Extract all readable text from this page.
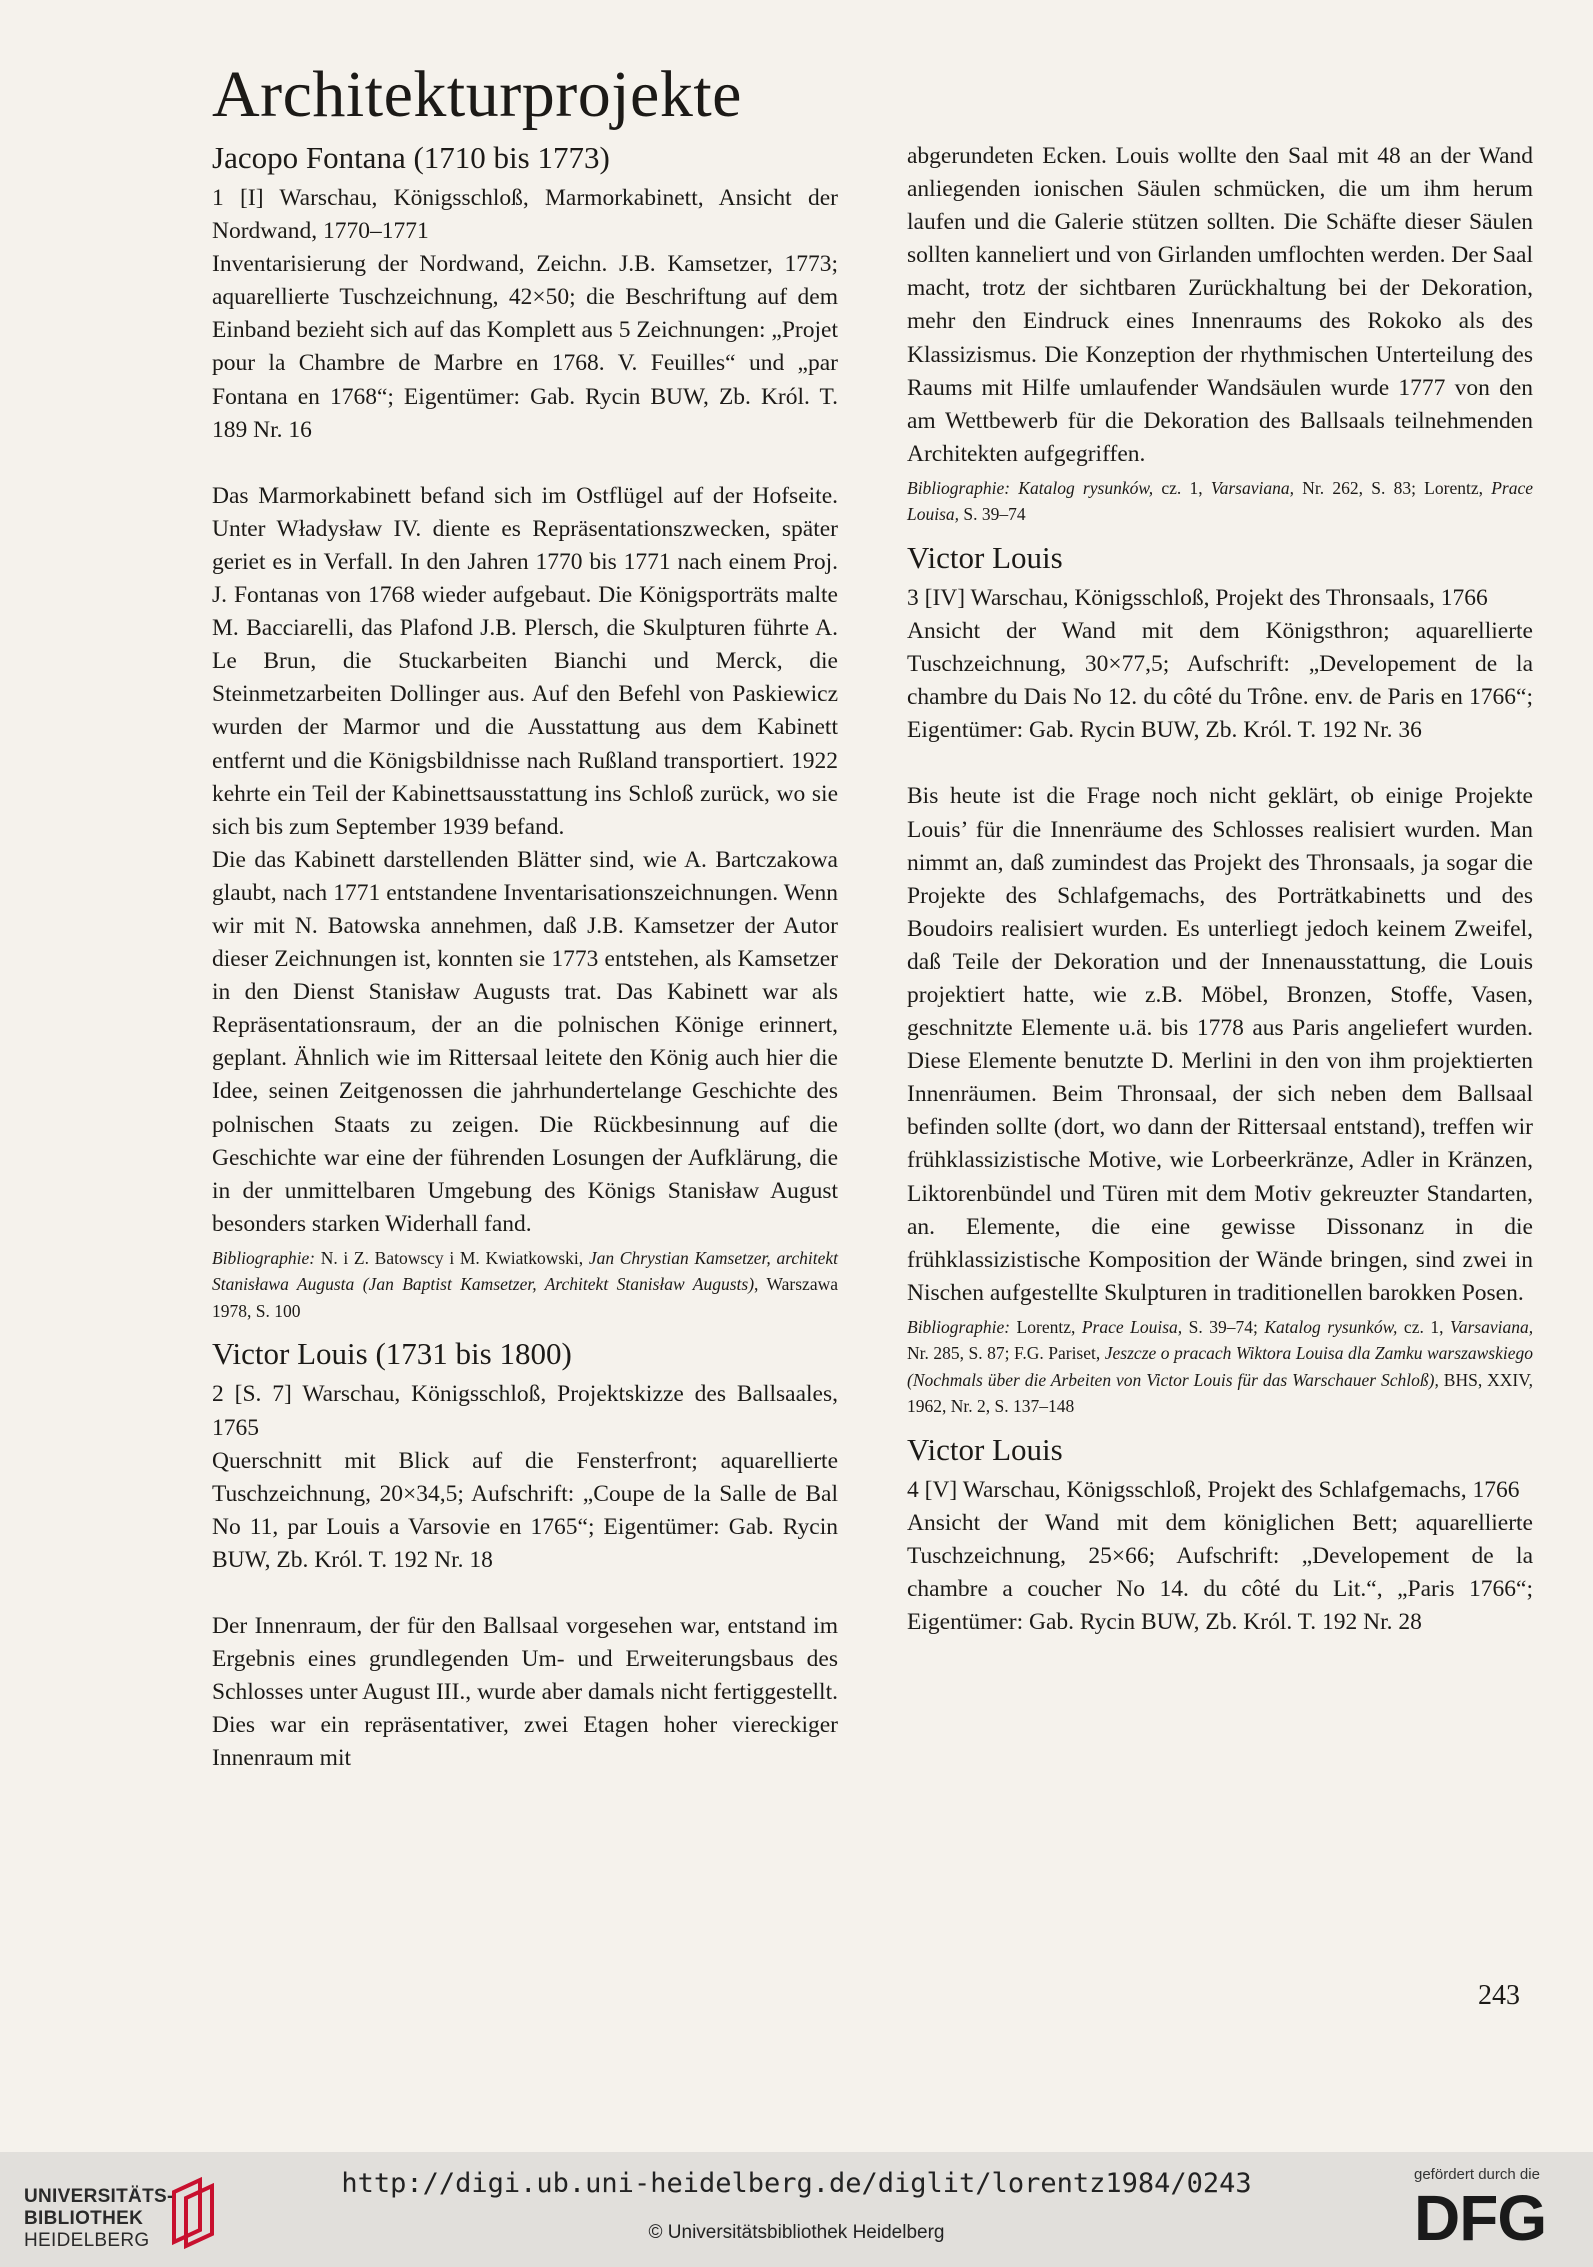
Architekturprojekte
Jacopo Fontana (1710 bis 1773)

1 [I] Warschau, Königsschloß, Marmorkabinett, Ansicht der Nordwand, 1770–1771

Inventarisierung der Nordwand, Zeichn. J.B. Kamsetzer, 1773; aquarellierte Tuschzeichnung, 42×50; die Beschriftung auf dem Einband bezieht sich auf das Komplett aus 5 Zeichnungen: „Projet pour la Chambre de Marbre en 1768. V. Feuilles“ und „par Fontana en 1768“; Eigentümer: Gab. Rycin BUW, Zb. Król. T. 189 Nr. 16

Das Marmorkabinett befand sich im Ostflügel auf der Hofseite. Unter Władysław IV. diente es Repräsentationszwecken, später geriet es in Verfall. In den Jahren 1770 bis 1771 nach einem Proj. J. Fontanas von 1768 wieder aufgebaut. Die Königsporträts malte M. Bacciarelli, das Plafond J.B. Plersch, die Skulpturen führte A. Le Brun, die Stuckarbeiten Bianchi und Merck, die Steinmetzarbeiten Dollinger aus. Auf den Befehl von Paskiewicz wurden der Marmor und die Ausstattung aus dem Kabinett entfernt und die Königsbildnisse nach Rußland transportiert. 1922 kehrte ein Teil der Kabinettsausstattung ins Schloß zurück, wo sie sich bis zum September 1939 befand.

Die das Kabinett darstellenden Blätter sind, wie A. Bartczakowa glaubt, nach 1771 entstandene Inventarisationszeichnungen. Wenn wir mit N. Batowska annehmen, daß J.B. Kamsetzer der Autor dieser Zeichnungen ist, konnten sie 1773 entstehen, als Kamsetzer in den Dienst Stanisław Augusts trat. Das Kabinett war als Repräsentationsraum, der an die polnischen Könige erinnert, geplant. Ähnlich wie im Rittersaal leitete den König auch hier die Idee, seinen Zeitgenossen die jahrhundertelange Geschichte des polnischen Staats zu zeigen. Die Rückbesinnung auf die Geschichte war eine der führenden Losungen der Aufklärung, die in der unmittelbaren Umgebung des Königs Stanisław August besonders starken Widerhall fand.

Bibliographie: N. i Z. Batowscy i M. Kwiatkowski, Jan Chrystian Kamsetzer, architekt Stanisława Augusta (Jan Baptist Kamsetzer, Architekt Stanisław Augusts), Warszawa 1978, S. 100

Victor Louis (1731 bis 1800)

2 [S. 7] Warschau, Königsschloß, Projektskizze des Ballsaales, 1765

Querschnitt mit Blick auf die Fensterfront; aquarellierte Tuschzeichnung, 20×34,5; Aufschrift: „Coupe de la Salle de Bal No 11, par Louis a Varsovie en 1765“; Eigentümer: Gab. Rycin BUW, Zb. Król. T. 192 Nr. 18

Der Innenraum, der für den Ballsaal vorgesehen war, entstand im Ergebnis eines grundlegenden Um- und Erweiterungsbaus des Schlosses unter August III., wurde aber damals nicht fertiggestellt. Dies war ein repräsentativer, zwei Etagen hoher viereckiger Innenraum mit

abgerundeten Ecken. Louis wollte den Saal mit 48 an der Wand anliegenden ionischen Säulen schmücken, die um ihm herum laufen und die Galerie stützen sollten. Die Schäfte dieser Säulen sollten kanneliert und von Girlanden umflochten werden. Der Saal macht, trotz der sichtbaren Zurückhaltung bei der Dekoration, mehr den Eindruck eines Innenraums des Rokoko als des Klassizismus. Die Konzeption der rhythmischen Unterteilung des Raums mit Hilfe umlaufender Wandsäulen wurde 1777 von den am Wettbewerb für die Dekoration des Ballsaals teilnehmenden Architekten aufgegriffen.

Bibliographie: Katalog rysunków, cz. 1, Varsaviana, Nr. 262, S. 83; Lorentz, Prace Louisa, S. 39–74

Victor Louis

3 [IV] Warschau, Königsschloß, Projekt des Thronsaals, 1766

Ansicht der Wand mit dem Königsthron; aquarellierte Tuschzeichnung, 30×77,5; Aufschrift: „Developement de la chambre du Dais No 12. du côté du Trône. env. de Paris en 1766“; Eigentümer: Gab. Rycin BUW, Zb. Król. T. 192 Nr. 36

Bis heute ist die Frage noch nicht geklärt, ob einige Projekte Louis’ für die Innenräume des Schlosses realisiert wurden. Man nimmt an, daß zumindest das Projekt des Thronsaals, ja sogar die Projekte des Schlafgemachs, des Porträtkabinetts und des Boudoirs realisiert wurden. Es unterliegt jedoch keinem Zweifel, daß Teile der Dekoration und der Innenausstattung, die Louis projektiert hatte, wie z.B. Möbel, Bronzen, Stoffe, Vasen, geschnitzte Elemente u.ä. bis 1778 aus Paris angeliefert wurden. Diese Elemente benutzte D. Merlini in den von ihm projektierten Innenräumen. Beim Thronsaal, der sich neben dem Ballsaal befinden sollte (dort, wo dann der Rittersaal entstand), treffen wir frühklassizistische Motive, wie Lorbeerkränze, Adler in Kränzen, Liktorenbündel und Türen mit dem Motiv gekreuzter Standarten, an. Elemente, die eine gewisse Dissonanz in die frühklassizistische Komposition der Wände bringen, sind zwei in Nischen aufgestellte Skulpturen in traditionellen barokken Posen.

Bibliographie: Lorentz, Prace Louisa, S. 39–74; Katalog rysunków, cz. 1, Varsaviana, Nr. 285, S. 87; F.G. Pariset, Jeszcze o pracach Wiktora Louisa dla Zamku warszawskiego (Nochmals über die Arbeiten von Victor Louis für das Warschauer Schloß), BHS, XXIV, 1962, Nr. 2, S. 137–148

Victor Louis

4 [V] Warschau, Königsschloß, Projekt des Schlafgemachs, 1766

Ansicht der Wand mit dem königlichen Bett; aquarellierte Tuschzeichnung, 25×66; Aufschrift: „Developement de la chambre a coucher No 14. du côté du Lit.“, „Paris 1766“; Eigentümer: Gab. Rycin BUW, Zb. Król. T. 192 Nr. 28

243
UNIVERSITÄTS-
BIBLIOTHEK
HEIDELBERG
http://digi.ub.uni-heidelberg.de/diglit/lorentz1984/0243
© Universitätsbibliothek Heidelberg
gefördert durch die
DFG
